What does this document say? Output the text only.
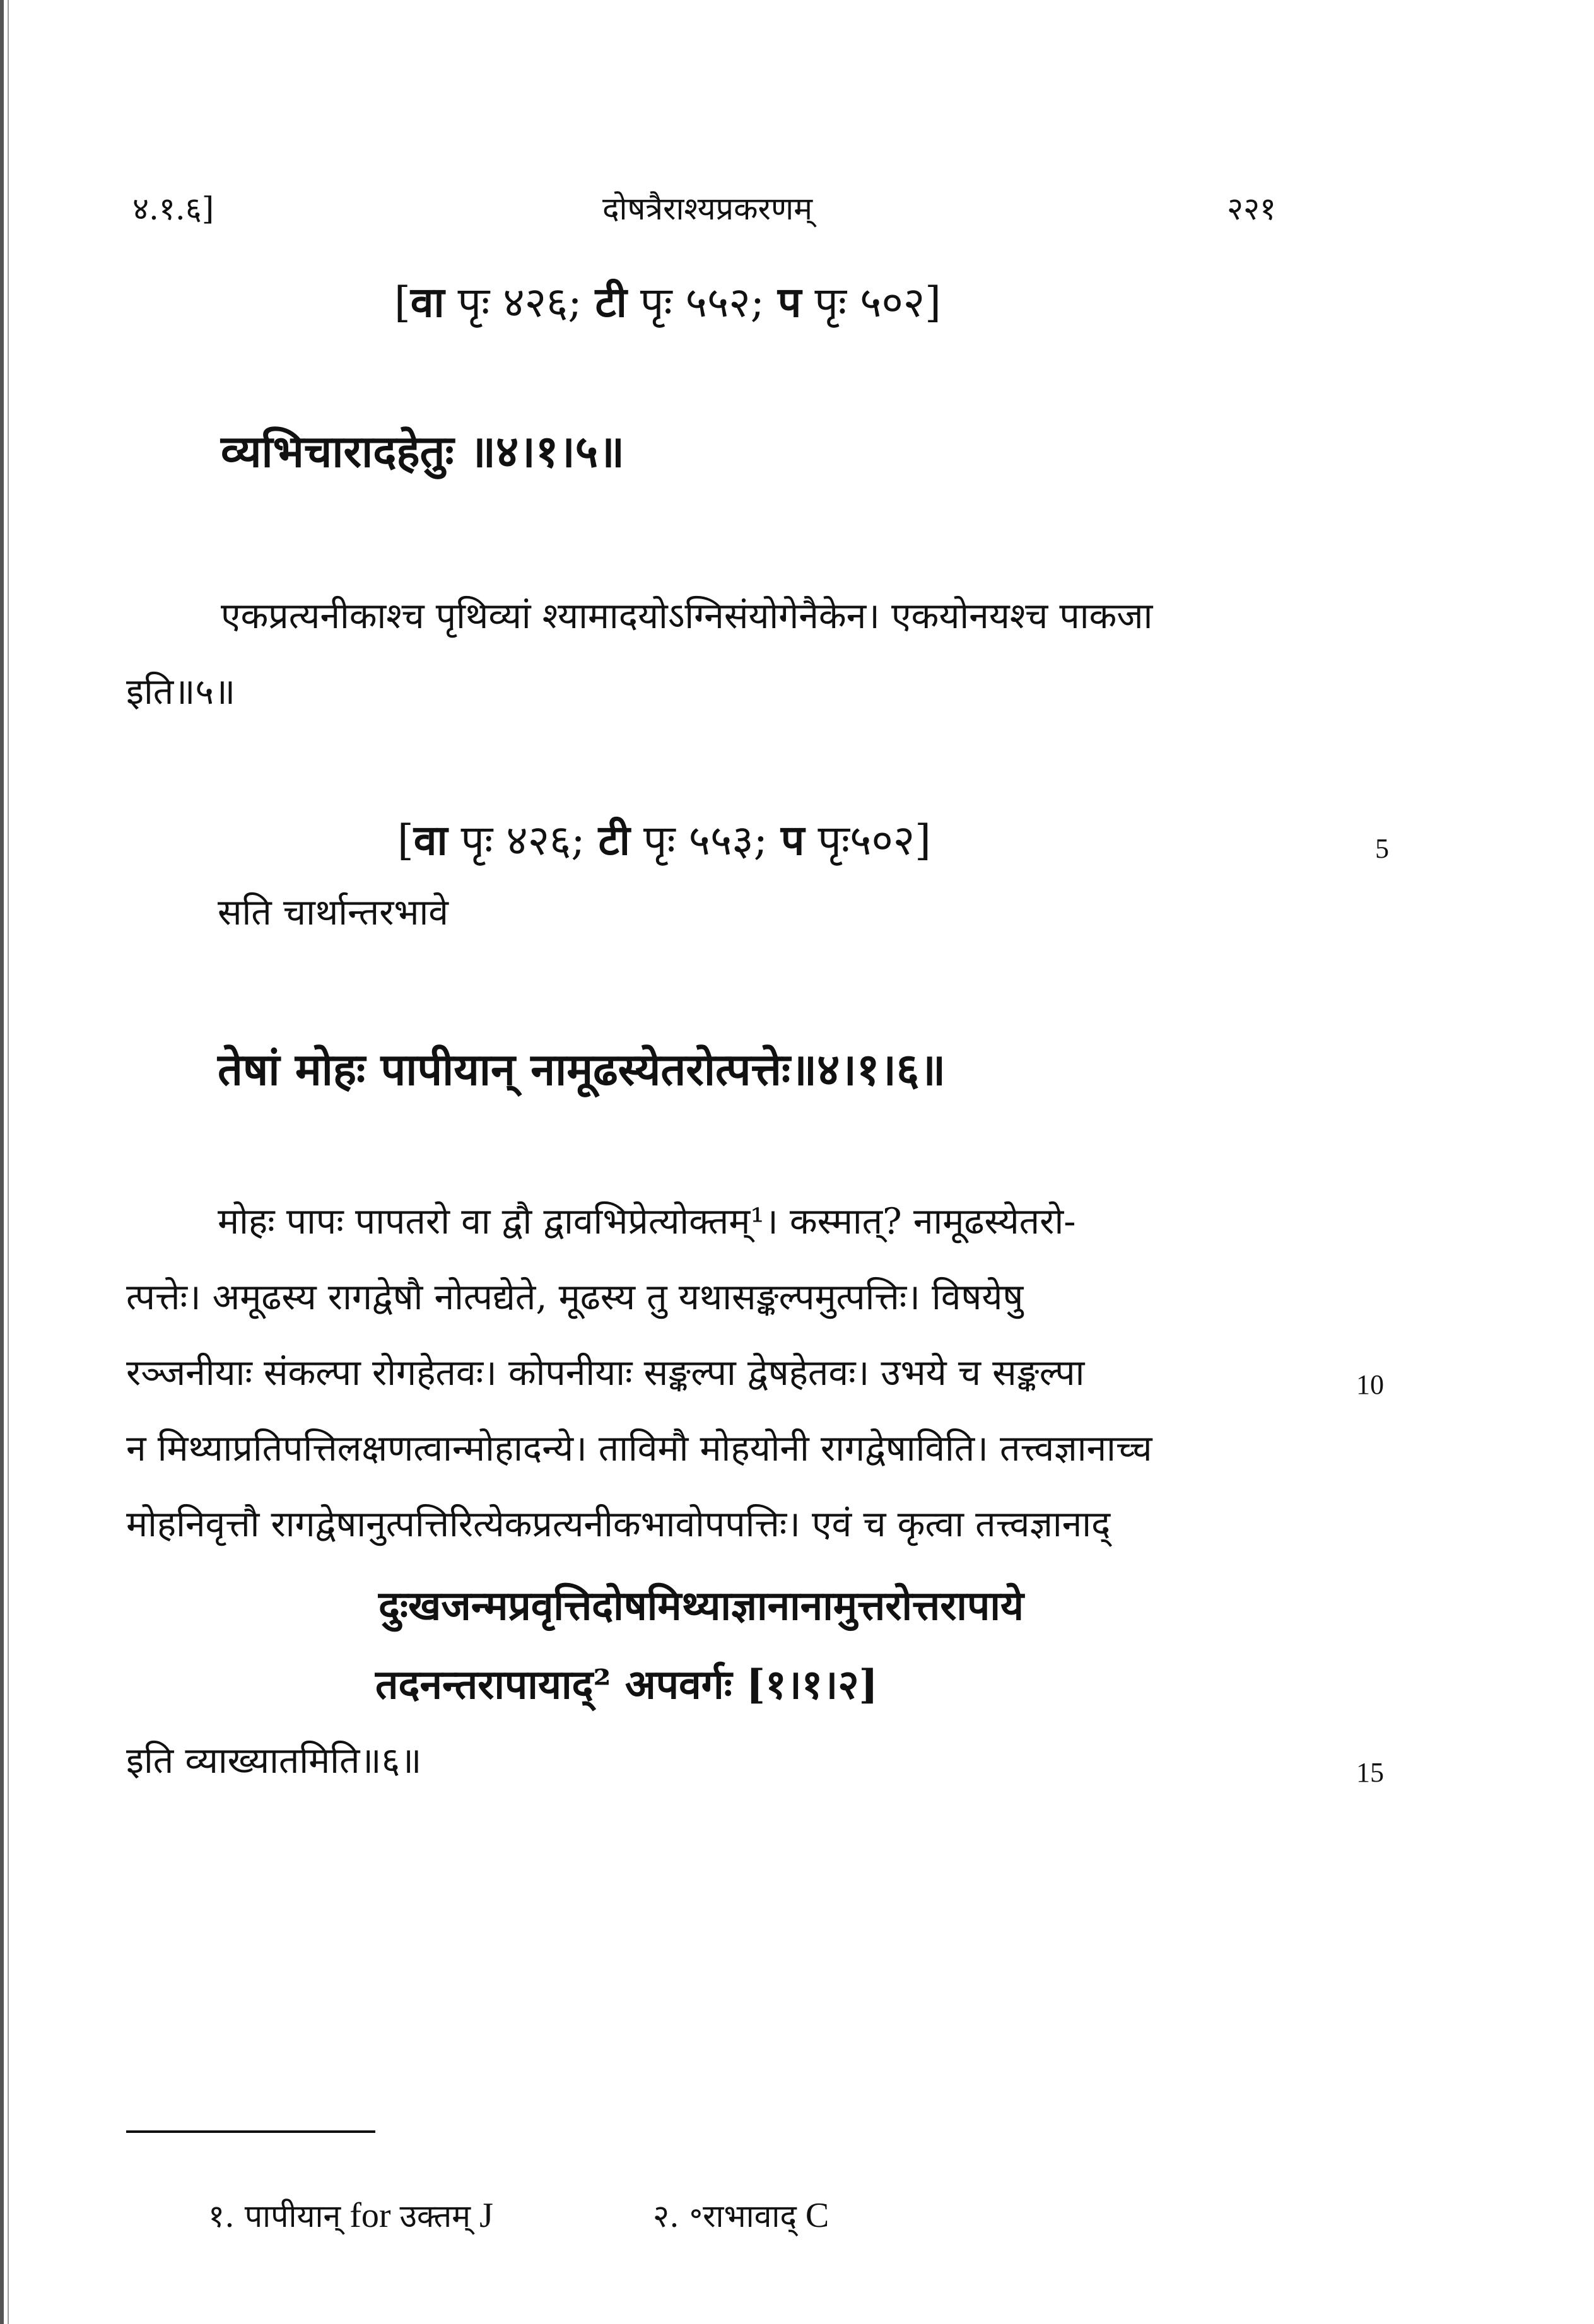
४.१.६]	दोषत्रैराश्यप्रकरणम्	२२१
[वा पृः ४२६; टी पृः ५५२; प पृः ५०२]
व्यभिचारादहेतुः ॥४।१।५॥
एकप्रत्यनीकाश्च पृथिव्यां श्यामादयोऽग्निसंयोगेनैकेन। एकयोनयश्च पाकजा
इति॥५॥
[वा पृः ४२६; टी पृः ५५३; प पृः५०२]	5
सति चार्थान्तरभावे
तेषां मोहः पापीयान् नामूढस्येतरोत्पत्तेः॥४।१।६॥
मोहः पापः पापतरो वा द्वौ द्वावभिप्रेत्योक्तम्¹। कस्मात्? नामूढस्येतरो-
त्पत्तेः। अमूढस्य रागद्वेषौ नोत्पद्येते, मूढस्य तु यथासङ्कल्पमुत्पत्तिः। विषयेषु
रञ्जनीयाः संकल्पा रोगहेतवः। कोपनीयाः सङ्कल्पा द्वेषहेतवः। उभये च सङ्कल्पा	10
न मिथ्याप्रतिपत्तिलक्षणत्वान्मोहादन्ये। ताविमौ मोहयोनी रागद्वेषाविति। तत्त्वज्ञानाच्च
मोहनिवृत्तौ रागद्वेषानुत्पत्तिरित्येकप्रत्यनीकभावोपपत्तिः। एवं च कृत्वा तत्त्वज्ञानाद्
दुःखजन्मप्रवृत्तिदोषमिथ्याज्ञानानामुत्तरोत्तरापाये
तदनन्तरापायाद्² अपवर्गः [१।१।२]
इति व्याख्यातमिति॥६॥	15
१. पापीयान् for उक्तम् J	२. ॰राभावाद् C
